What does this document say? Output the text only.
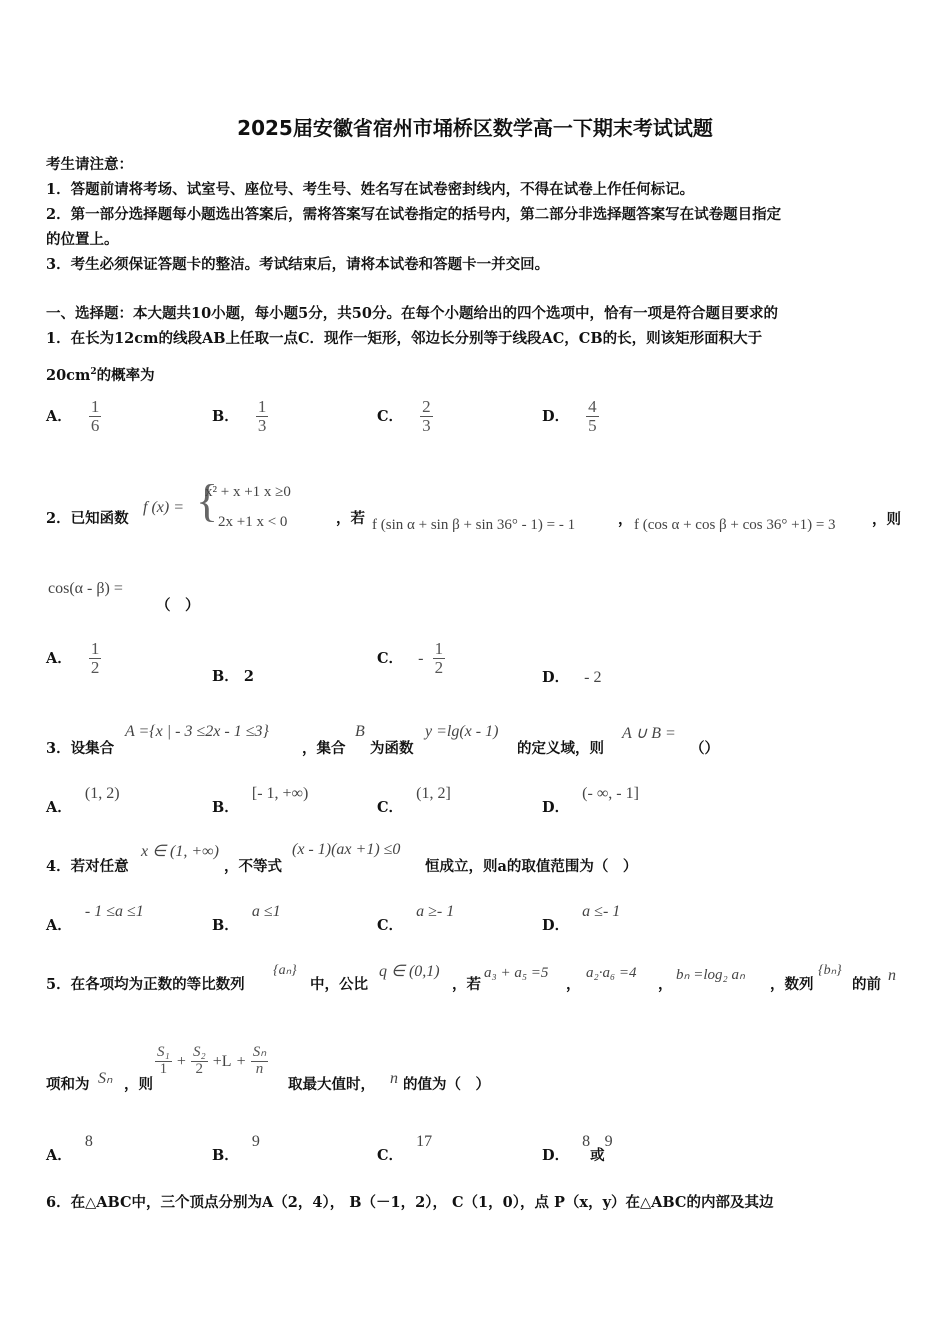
2025届安徽省宿州市埇桥区数学高一下期末考试试题
考生请注意：
1．答题前请将考场、试室号、座位号、考生号、姓名写在试卷密封线内，不得在试卷上作任何标记。
2．第一部分选择题每小题选出答案后，需将答案写在试卷指定的括号内，第二部分非选择题答案写在试卷题目指定
的位置上。
3．考生必须保证答题卡的整洁。考试结束后，请将本试卷和答题卡一并交回。
一、选择题：本大题共10小题，每小题5分，共50分。在每个小题给出的四个选项中，恰有一项是符合题目要求的
1．在长为12cm的线段AB上任取一点C．现作一矩形，邻边长分别等于线段AC，CB的长，则该矩形面积大于
$20cm^2$的概率为
A． $\frac{1}{6}$	B． $\frac{1}{3}$	C． $\frac{2}{3}$	D． $\frac{4}{5}$
2．已知函数
f (x) = {
x² + x +1 x ≥0
2x +1 x < 0	，若 f (sin α + sin β + sin 36° - 1) = - 1	， f (cos α + cos β + cos 36° +1) = 3	，则
cos(α - β) =
（　）
A． $\frac{1}{2}$	B． 2
C． - $\frac{1}{2}$
D． - 2
3．设集合
A ={x | - 3 ≤2x - 1 ≤3}
，集合
B
为函数
y =lg(x - 1)
的定义域，则
A ∪ B =
（）
A． (1, 2)
B． [- 1, +∞)
C． (1, 2]
D． (- ∞, - 1]
4．若对任意
x ∈ (1, +∞)
，不等式
(x - 1)(ax +1) ≤0
恒成立，则a的取值范围为（　）
A． - 1 ≤a ≤1
B． a ≤1
C． a ≥- 1
D． a ≤- 1
5．在各项均为正数的等比数列
{aₙ}
中，公比
q ∈ (0,1)
，若
a₃ + a₅ =5
，
a₂·a₆ =4
，
bₙ =log₂ aₙ
，数列
{bₙ}
的前
n
项和为 Sₙ ，则
$\frac{\text{S₁}}{1} + \frac{\text{S₂}}{2} +L + \frac{\text{Sₙ}}{n}$
取最大值时， n 的值为（　）
A． 8
B． 9
C． 17
D． 8或9
6．在△ABC中，三个顶点分别为A（2，4）， B（－1，2）， C（1，0），点 P（x，y）在△ABC的内部及其边
